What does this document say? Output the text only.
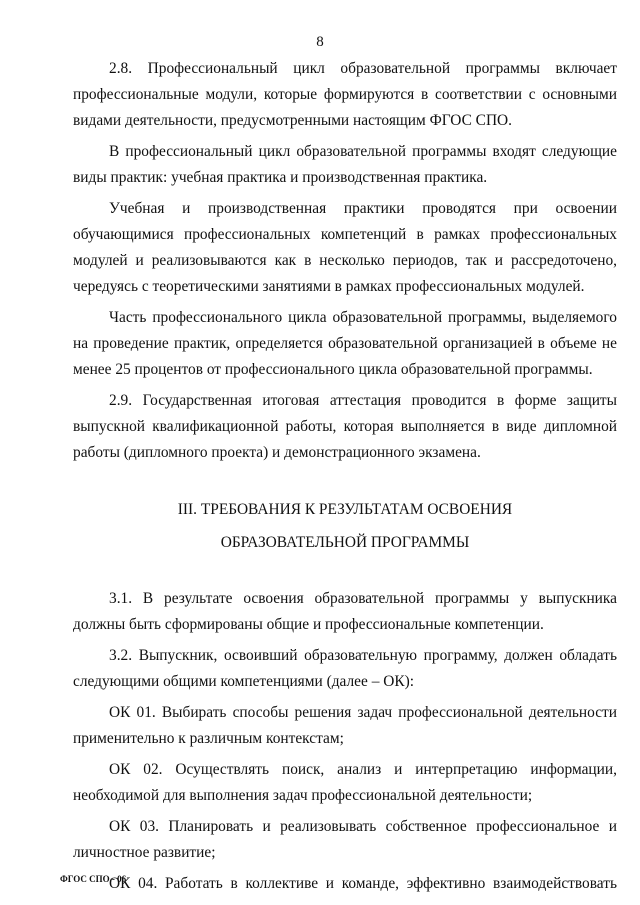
8

2.8. Профессиональный цикл образовательной программы включает профессиональные модули, которые формируются в соответствии с основными видами деятельности, предусмотренными настоящим ФГОС СПО.

В профессиональный цикл образовательной программы входят следующие виды практик: учебная практика и производственная практика.

Учебная и производственная практики проводятся при освоении обучающимися профессиональных компетенций в рамках профессиональных модулей и реализовываются как в несколько периодов, так и рассредоточено, чередуясь с теоретическими занятиями в рамках профессиональных модулей.

Часть профессионального цикла образовательной программы, выделяемого на проведение практик, определяется образовательной организацией в объеме не менее 25 процентов от профессионального цикла образовательной программы.

2.9. Государственная итоговая аттестация проводится в форме защиты выпускной квалификационной работы, которая выполняется в виде дипломной работы (дипломного проекта) и демонстрационного экзамена.

III. ТРЕБОВАНИЯ К РЕЗУЛЬТАТАМ ОСВОЕНИЯ

ОБРАЗОВАТЕЛЬНОЙ ПРОГРАММЫ

3.1. В результате освоения образовательной программы у выпускника должны быть сформированы общие и профессиональные компетенции.

3.2. Выпускник, освоивший образовательную программу, должен обладать следующими общими компетенциями (далее – ОК):

ОК 01. Выбирать способы решения задач профессиональной деятельности применительно к различным контекстам;

ОК 02. Осуществлять поиск, анализ и интерпретацию информации, необходимой для выполнения задач профессиональной деятельности;

ОК 03. Планировать и реализовывать собственное профессиональное и личностное развитие;

ОК 04. Работать в коллективе и команде, эффективно взаимодействовать

ФГОС СПО - 06
